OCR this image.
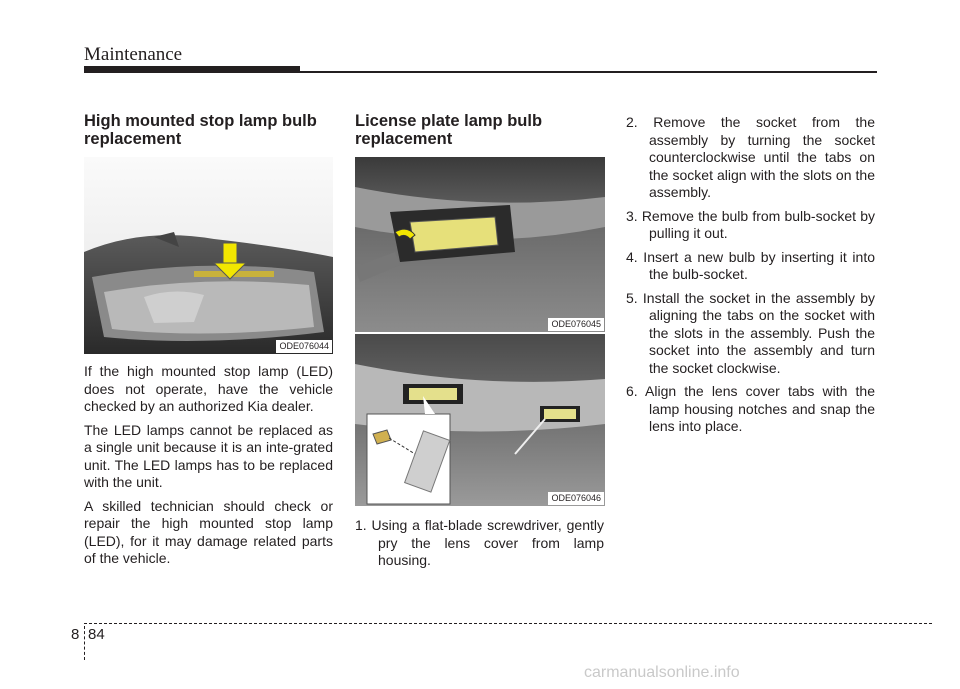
Maintenance
High mounted stop lamp bulb replacement
ODE076044

If the high mounted stop lamp (LED) does not operate, have the vehicle checked by an authorized Kia dealer.

The LED lamps cannot be replaced as a single unit because it is an inte-grated unit. The LED lamps has to be replaced with the unit.

A skilled technician should check or repair the high mounted stop lamp (LED), for it may damage related parts of the vehicle.

License plate lamp bulb replacement
ODE076045
ODE076046
1. Using a flat-blade screwdriver, gently pry the lens cover from lamp housing.
2. Remove the socket from the assembly by turning the socket counterclockwise until the tabs on the socket align with the slots on the assembly.
3. Remove the bulb from bulb-socket by pulling it out.
4. Insert a new bulb by inserting it into the bulb-socket.
5. Install the socket in the assembly by aligning the tabs on the socket with the slots in the assembly. Push the socket into the assembly and turn the socket clockwise.
6. Align the lens cover tabs with the lamp housing notches and snap the lens into place.
8 84
carmanualsonline.info
